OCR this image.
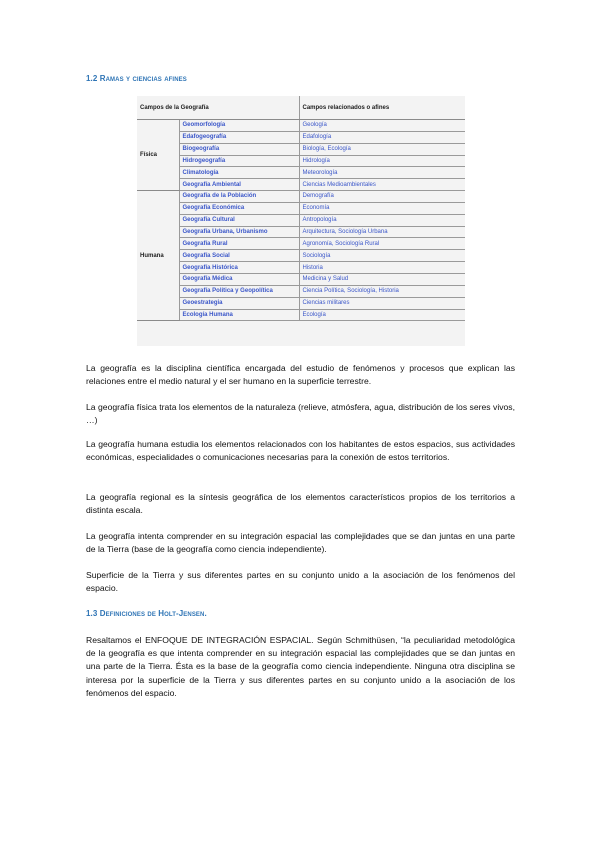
1.2 Ramas y ciencias afines
Campos de la Geografía		Campos relacionados o afines
Física	Geomorfología	Geología
	Edafogeografía	Edafología
	Biogeografía	Biología, Ecología
	Hidrogeografía	Hidrología
	Climatología	Meteorología
	Geografía Ambiental	Ciencias Medioambientales
Humana	Geografía de la Población	Demografía
	Geografía Económica	Economía
	Geografía Cultural	Antropología
	Geografía Urbana, Urbanismo	Arquitectura, Sociología Urbana
	Geografía Rural	Agronomía, Sociología Rural
	Geografía Social	Sociología
	Geografía Histórica	Historia
	Geografía Médica	Medicina y Salud
	Geografía Política y Geopolítica	Ciencia Política, Sociología, Historia
	Geoestrategia	Ciencias militares
	Ecología Humana	Ecología

La geografía es la disciplina científica encargada del estudio de fenómenos y procesos que explican las relaciones entre el medio natural y el ser humano en la superficie terrestre.

La geografía física trata los elementos de la naturaleza (relieve, atmósfera, agua, distribución de los seres vivos, …)

La geografía humana estudia los elementos relacionados con los habitantes de estos espacios, sus actividades económicas, especialidades o comunicaciones necesarias para la conexión de estos territorios.

La geografía regional es la síntesis geográfica de los elementos característicos propios de los territorios a distinta escala.

La geografía intenta comprender en su integración espacial las complejidades que se dan juntas en una parte de la Tierra (base de la geografía como ciencia independiente).

Superficie de la Tierra y sus diferentes partes en su conjunto unido a la asociación de los fenómenos del espacio.

1.3 Definiciones de Holt-Jensen.

Resaltamos el ENFOQUE DE INTEGRACIÓN ESPACIAL. Según Schmithüsen, “la peculiaridad metodológica de la geografía es que intenta comprender en su integración espacial las complejidades que se dan juntas en una parte de la Tierra. Ésta es la base de la geografía como ciencia independiente. Ninguna otra disciplina se interesa por la superficie de la Tierra y sus diferentes partes en su conjunto unido a la asociación de los fenómenos del espacio.
